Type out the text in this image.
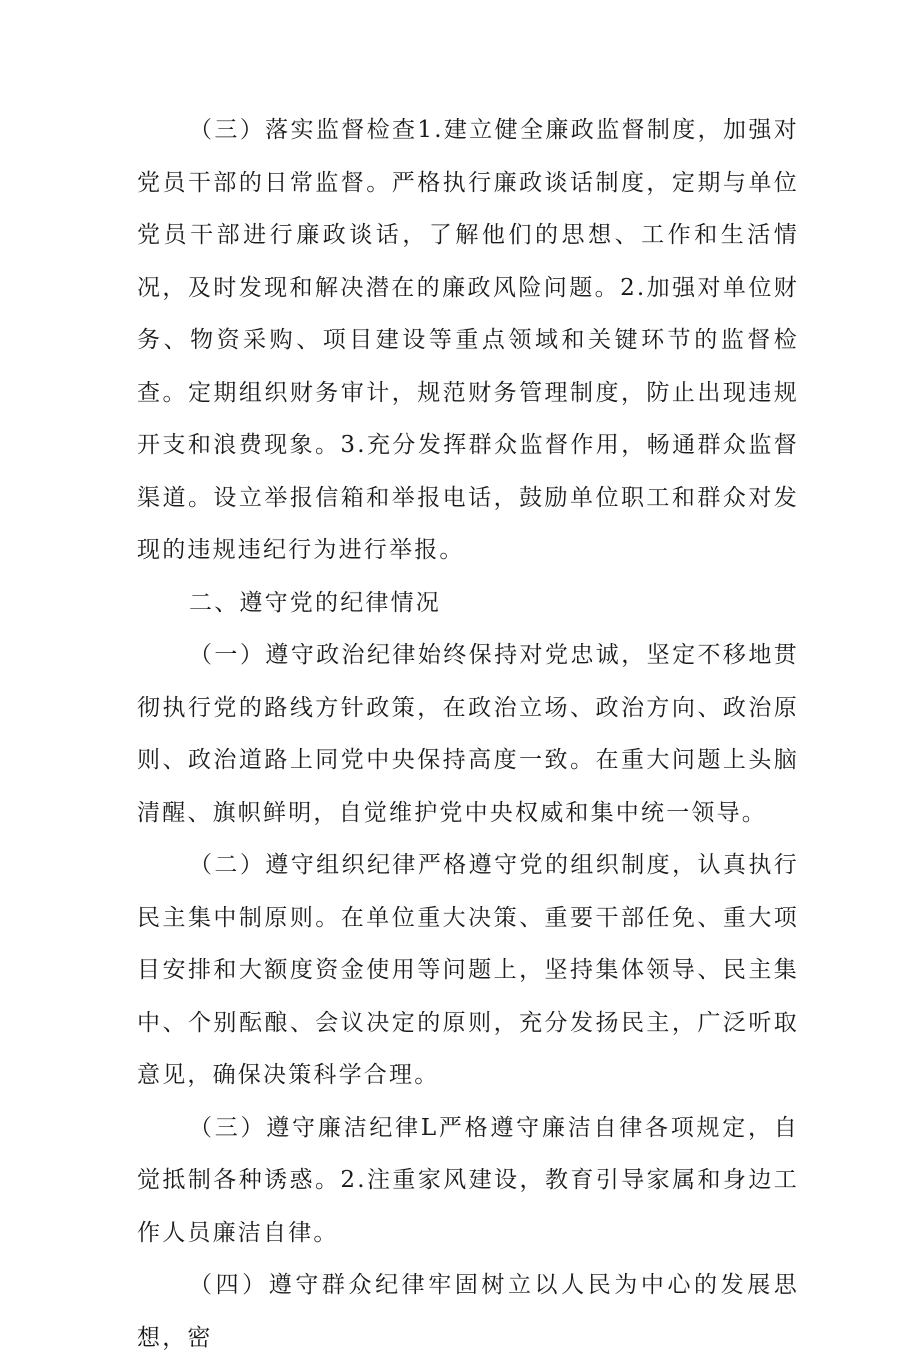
（三）落实监督检查1.建立健全廉政监督制度，加强对党员干部的日常监督。严格执行廉政谈话制度，定期与单位党员干部进行廉政谈话，了解他们的思想、工作和生活情况，及时发现和解决潜在的廉政风险问题。2.加强对单位财务、物资采购、项目建设等重点领域和关键环节的监督检查。定期组织财务审计，规范财务管理制度，防止出现违规开支和浪费现象。3.充分发挥群众监督作用，畅通群众监督渠道。设立举报信箱和举报电话，鼓励单位职工和群众对发现的违规违纪行为进行举报。

二、遵守党的纪律情况

（一）遵守政治纪律始终保持对党忠诚，坚定不移地贯彻执行党的路线方针政策，在政治立场、政治方向、政治原则、政治道路上同党中央保持高度一致。在重大问题上头脑清醒、旗帜鲜明，自觉维护党中央权威和集中统一领导。

（二）遵守组织纪律严格遵守党的组织制度，认真执行民主集中制原则。在单位重大决策、重要干部任免、重大项目安排和大额度资金使用等问题上，坚持集体领导、民主集中、个别酝酿、会议决定的原则，充分发扬民主，广泛听取意见，确保决策科学合理。

（三）遵守廉洁纪律L严格遵守廉洁自律各项规定，自觉抵制各种诱惑。2.注重家风建设，教育引导家属和身边工作人员廉洁自律。

（四）遵守群众纪律牢固树立以人民为中心的发展思想，密
